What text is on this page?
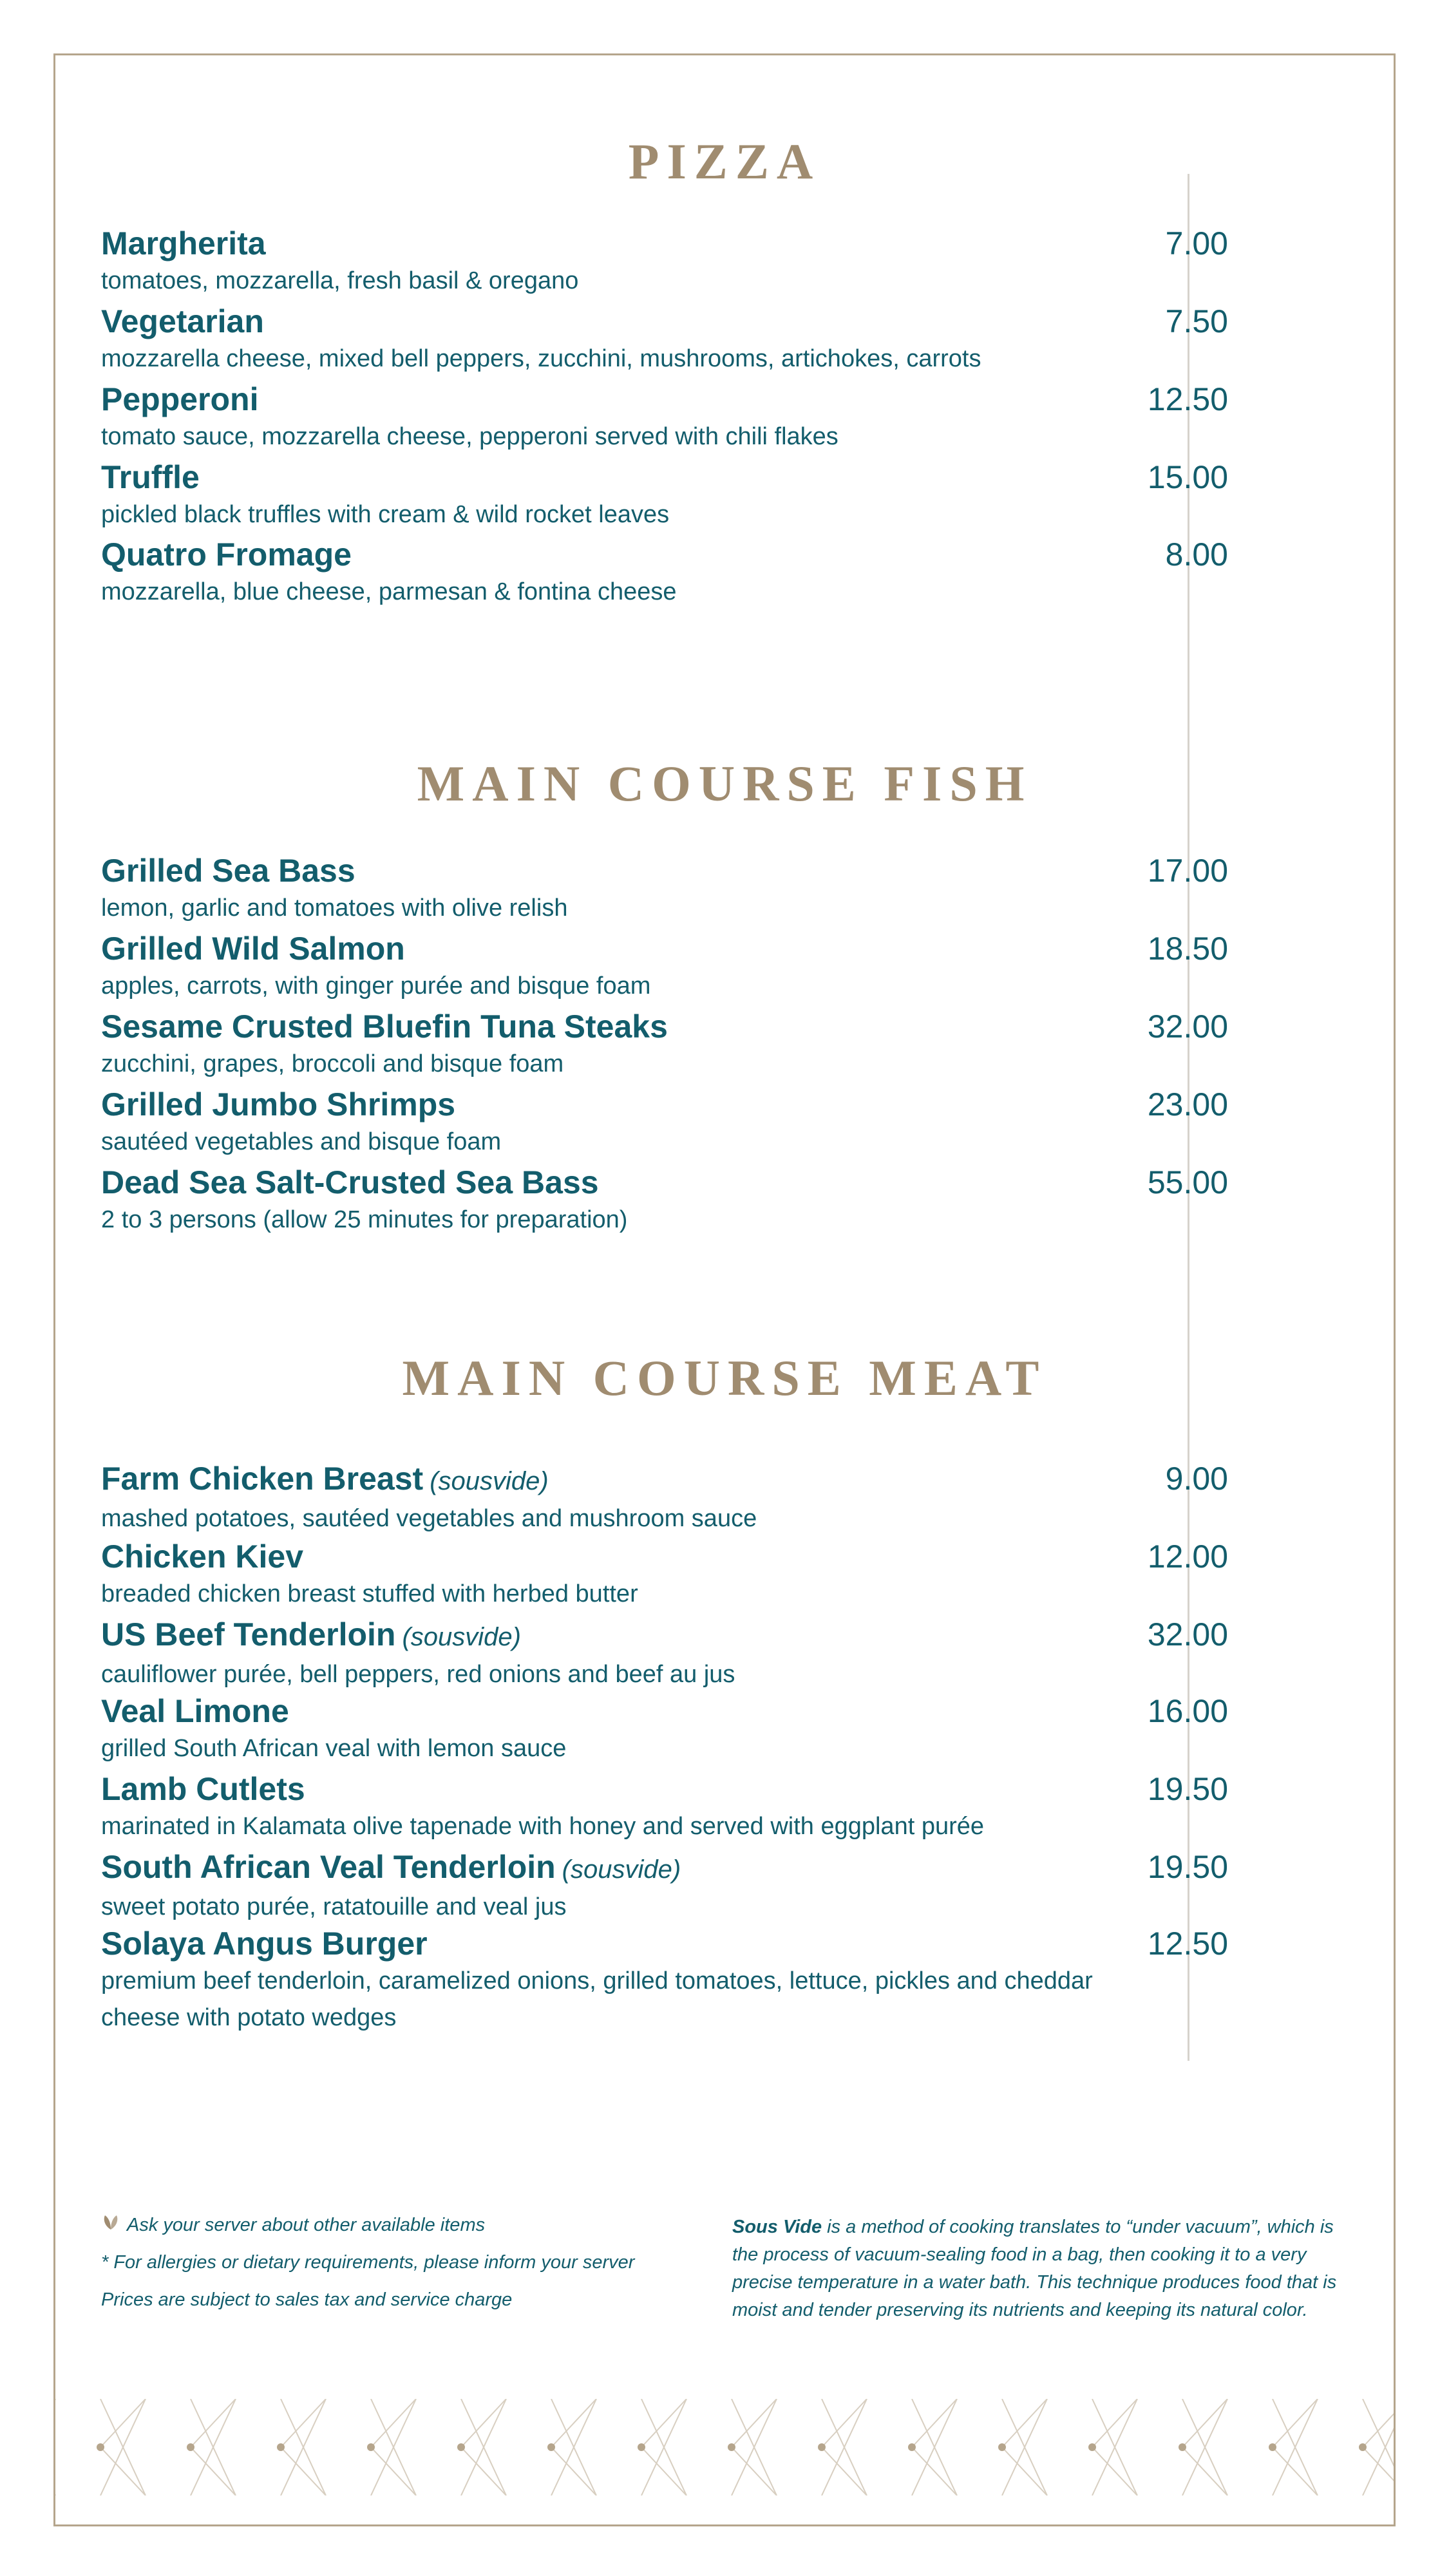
PIZZA
Margherita
tomatoes, mozzarella, fresh basil & oregano
7.00
Vegetarian
mozzarella cheese, mixed bell peppers, zucchini, mushrooms, artichokes, carrots
7.50
Pepperoni
tomato sauce, mozzarella cheese, pepperoni served with chili flakes
12.50
Truffle
pickled black truffles with cream & wild rocket leaves
15.00
Quatro Fromage
mozzarella, blue cheese, parmesan & fontina cheese
8.00
MAIN COURSE FISH
Grilled Sea Bass
lemon, garlic and tomatoes with olive relish
17.00
Grilled Wild Salmon
apples, carrots, with ginger purée and bisque foam
18.50
Sesame Crusted Bluefin Tuna Steaks
zucchini, grapes, broccoli and bisque foam
32.00
Grilled Jumbo Shrimps
sautéed vegetables and bisque foam
23.00
Dead Sea Salt-Crusted Sea Bass
2 to 3 persons (allow 25 minutes for preparation)
55.00
MAIN COURSE MEAT
Farm Chicken Breast (sousvide)
mashed potatoes, sautéed vegetables and mushroom sauce
9.00
Chicken Kiev
breaded chicken breast stuffed with herbed butter
12.00
US Beef Tenderloin (sousvide)
cauliflower purée, bell peppers, red onions and beef au jus
32.00
Veal Limone
grilled South African veal with lemon sauce
16.00
Lamb Cutlets
marinated in Kalamata olive tapenade with honey and served with eggplant purée
19.50
South African Veal Tenderloin (sousvide)
sweet potato purée, ratatouille and veal jus
19.50
Solaya Angus Burger
premium beef tenderloin, caramelized onions, grilled tomatoes, lettuce, pickles and cheddar cheese with potato wedges
12.50
Ask your server about other available items
* For allergies or dietary requirements, please inform your server
Prices are subject to sales tax and service charge
Sous Vide is a method of cooking translates to “under vacuum”, which is the process of vacuum-sealing food in a bag, then cooking it to a very precise temperature in a water bath. This technique produces food that is moist and tender preserving its nutrients and keeping its natural color.
